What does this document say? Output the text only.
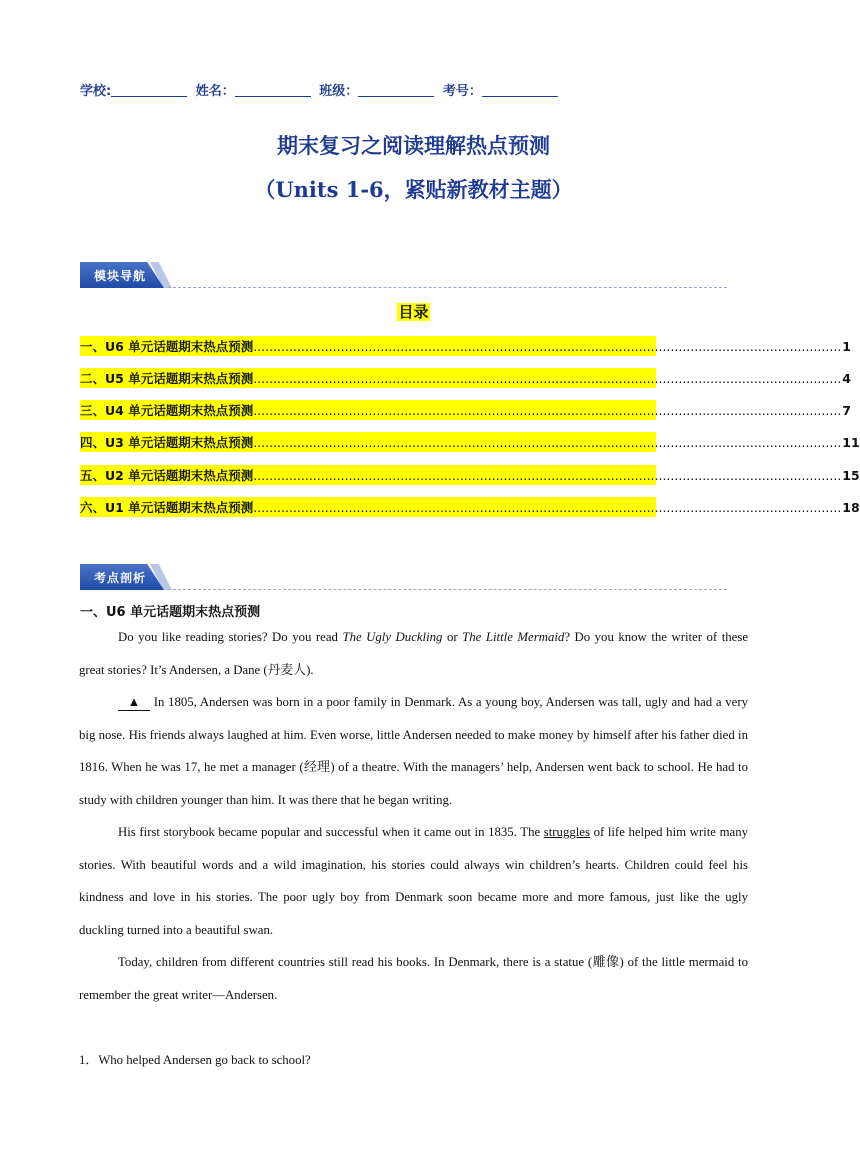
学校:	姓名：	班级：	考号：
期末复习之阅读理解热点预测
（Units 1-6，紧贴新教材主题）
模块导航
目录
一、U6 单元话题期末热点预测 .................................................................................................................................................... 1
二、U5 单元话题期末热点预测 .................................................................................................................................................... 4
三、U4 单元话题期末热点预测 .................................................................................................................................................... 7
四、U3 单元话题期末热点预测 .................................................................................................................................................... 11
五、U2 单元话题期末热点预测 .................................................................................................................................................... 15
六、U1 单元话题期末热点预测 .................................................................................................................................................... 18
考点剖析
一、U6 单元话题期末热点预测

Do you like reading stories? Do you read The Ugly Duckling or The Little Mermaid? Do you know the writer of these great stories? It’s Andersen, a Dane (丹麦人).

▲ In 1805, Andersen was born in a poor family in Denmark. As a young boy, Andersen was tall, ugly and had a very big nose. His friends always laughed at him. Even worse, little Andersen needed to make money by himself after his father died in 1816. When he was 17, he met a manager (经理) of a theatre. With the managers’ help, Andersen went back to school. He had to study with children younger than him. It was there that he began writing.

His first storybook became popular and successful when it came out in 1835. The struggles of life helped him write many stories. With beautiful words and a wild imagination, his stories could always win children’s hearts. Children could feel his kindness and love in his stories. The poor ugly boy from Denmark soon became more and more famous, just like the ugly duckling turned into a beautiful swan.

Today, children from different countries still read his books. In Denmark, there is a statue (雕像) of the little mermaid to remember the great writer—Andersen.

1．Who helped Andersen go back to school?
